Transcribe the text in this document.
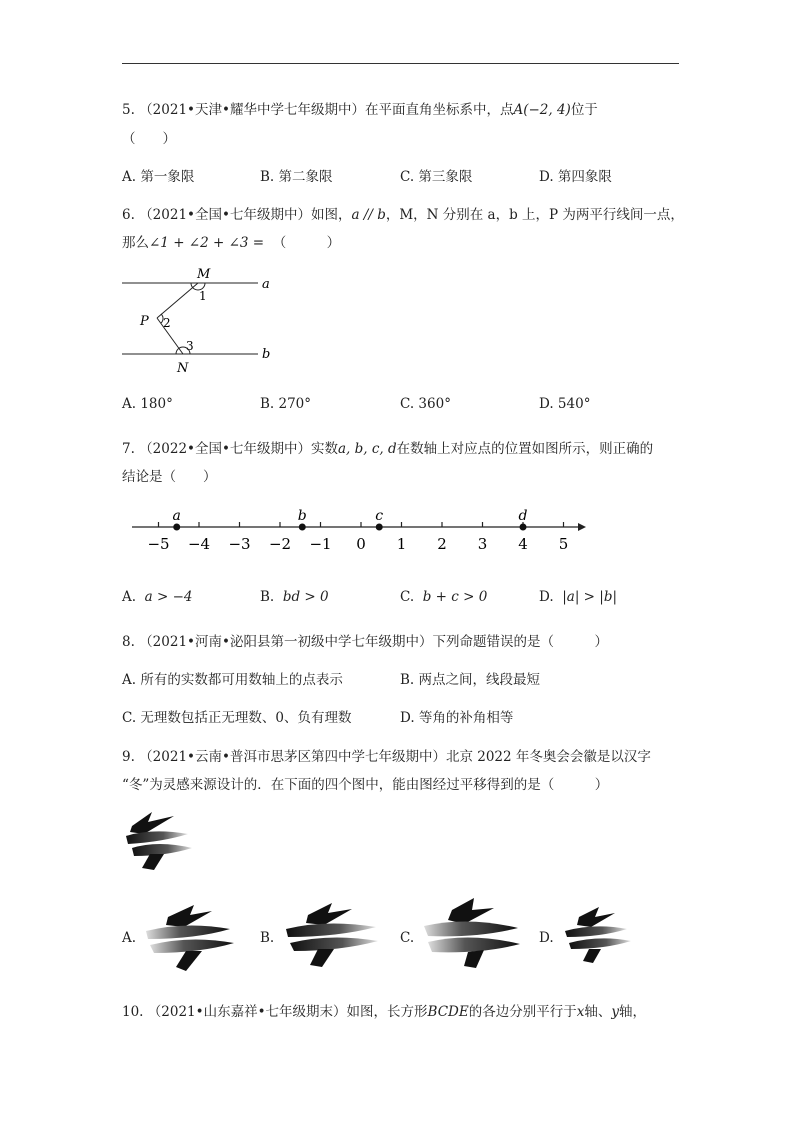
5. （2021•天津•耀华中学七年级期中）在平面直角坐标系中，点A(−2, 4)位于
（　　）
A. 第一象限	B. 第二象限	C. 第三象限	D. 第四象限
6. （2021•全国•七年级期中）如图，a // b，M，N 分别在 a，b 上，P 为两平行线间一点，
那么∠1 + ∠2 + ∠3 = （　　　）
M
1
a
P 2
3
b
N
A. 180°	B. 270°	C. 360°	D. 540°
7. （2022•全国•七年级期中）实数a, b, c, d在数轴上对应点的位置如图所示，则正确的
结论是（　　）
−5 −4 −3 −2 −1 0 1 2 3 4 5
a	b	c	d
A. a > −4	B. bd > 0	C. b + c > 0	D. |a| > |b|
8. （2021•河南•泌阳县第一初级中学七年级期中）下列命题错误的是（　　　）
A. 所有的实数都可用数轴上的点表示	B. 两点之间，线段最短
C. 无理数包括正无理数、0、负有理数	D. 等角的补角相等
9. （2021•云南•普洱市思茅区第四中学七年级期中）北京 2022 年冬奥会会徽是以汉字
“冬”为灵感来源设计的．在下面的四个图中，能由图经过平移得到的是（　　　）
A.	B.	C.	D.
10. （2021•山东嘉祥•七年级期末）如图，长方形BCDE的各边分别平行于x轴、y轴，
